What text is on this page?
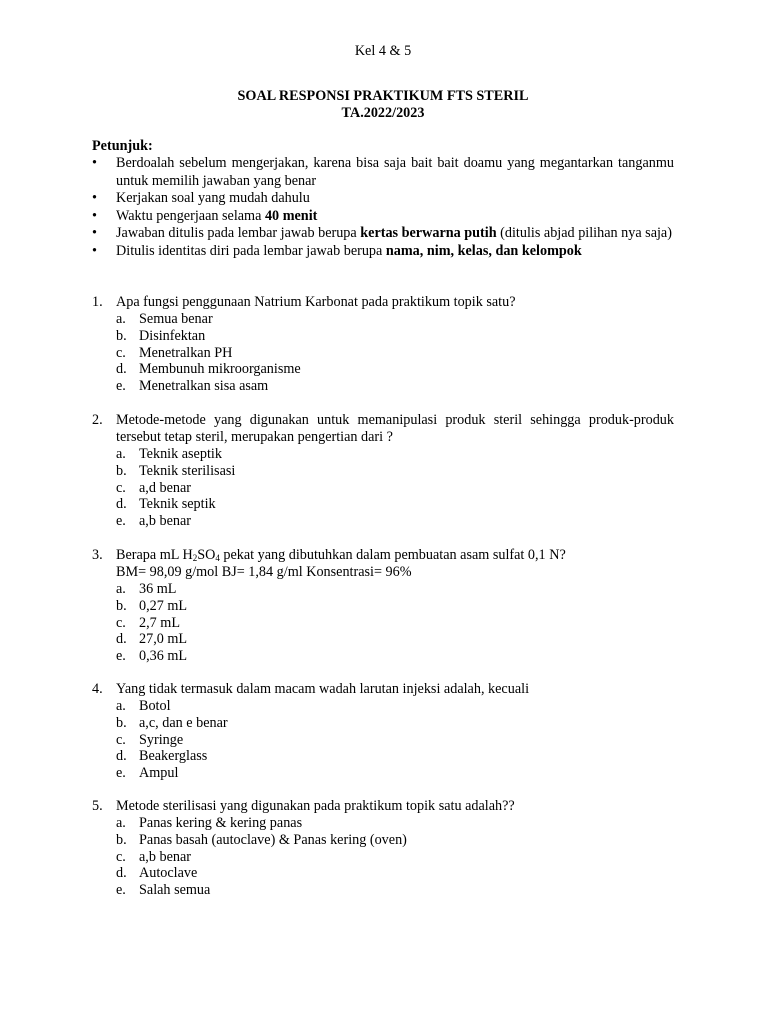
Kel 4 & 5
SOAL RESPONSI PRAKTIKUM FTS STERIL
TA.2022/2023
Petunjuk:
• Berdoalah sebelum mengerjakan, karena bisa saja bait bait doamu yang megantarkan tanganmu untuk memilih jawaban yang benar
• Kerjakan soal yang mudah dahulu
• Waktu pengerjaan selama 40 menit
• Jawaban ditulis pada lembar jawab berupa kertas berwarna putih (ditulis abjad pilihan nya saja)
• Ditulis identitas diri pada lembar jawab berupa nama, nim, kelas, dan kelompok
1. Apa fungsi penggunaan Natrium Karbonat pada praktikum topik satu?
a. Semua benar
b. Disinfektan
c. Menetralkan PH
d. Membunuh mikroorganisme
e. Menetralkan sisa asam
2. Metode-metode yang digunakan untuk memanipulasi produk steril sehingga produk-produk tersebut tetap steril, merupakan pengertian dari ?
a. Teknik aseptik
b. Teknik sterilisasi
c. a,d benar
d. Teknik septik
e. a,b benar
3. Berapa mL $H_2SO_4$ pekat yang dibutuhkan dalam pembuatan asam sulfat 0,1 N?
BM= 98,09 g/mol BJ= 1,84 g/ml Konsentrasi= 96%
a. 36 mL
b. 0,27 mL
c. 2,7 mL
d. 27,0 mL
e. 0,36 mL
4. Yang tidak termasuk dalam macam wadah larutan injeksi adalah, kecuali
a. Botol
b. a,c, dan e benar
c. Syringe
d. Beakerglass
e. Ampul
5. Metode sterilisasi yang digunakan pada praktikum topik satu adalah??
a. Panas kering & kering panas
b. Panas basah (autoclave) & Panas kering (oven)
c. a,b benar
d. Autoclave
e. Salah semua
